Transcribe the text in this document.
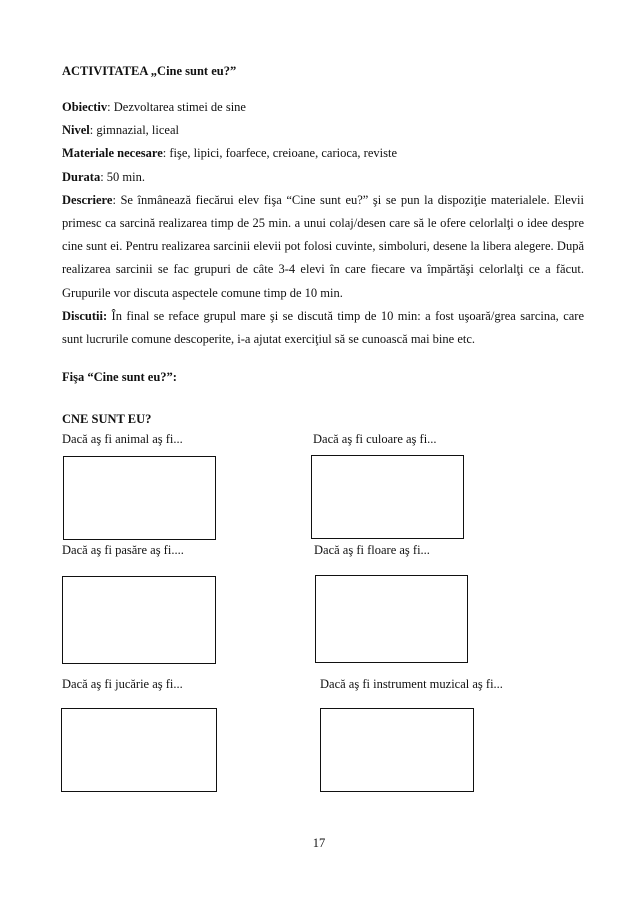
ACTIVITATEA „Cine sunt eu?”

Obiectiv: Dezvoltarea stimei de sine

Nivel: gimnazial, liceal

Materiale necesare: fişe, lipici, foarfece, creioane, carioca, reviste

Durata: 50 min.

Descriere: Se înmânează fiecărui elev fişa “Cine sunt eu?” şi se pun la dispoziţie materialele. Elevii primesc ca sarcină realizarea timp de 25 min. a unui colaj/desen care să le ofere celorlalţi o idee despre cine sunt ei. Pentru realizarea sarcinii elevii pot folosi cuvinte, simboluri, desene la libera alegere. După realizarea sarcinii se fac grupuri de câte 3-4 elevi în care fiecare va împărtăşi celorlalţi ce a făcut. Grupurile vor discuta aspectele comune timp de 10 min.

Discutii: În final se reface grupul mare şi se discută timp de 10 min: a fost uşoară/grea sarcina, care sunt lucrurile comune descoperite, i-a ajutat exerciţiul să se cunoască mai bine etc.

Fişa “Cine sunt eu?”:
CNE SUNT EU?
Dacă aş fi animal aş fi...	Dacă aş fi culoare aş fi...
Dacă aş fi pasăre aş fi....	Dacă aş fi floare aş fi...
Dacă aş fi jucărie aş fi...	Dacă aş fi instrument muzical aş fi...
17
